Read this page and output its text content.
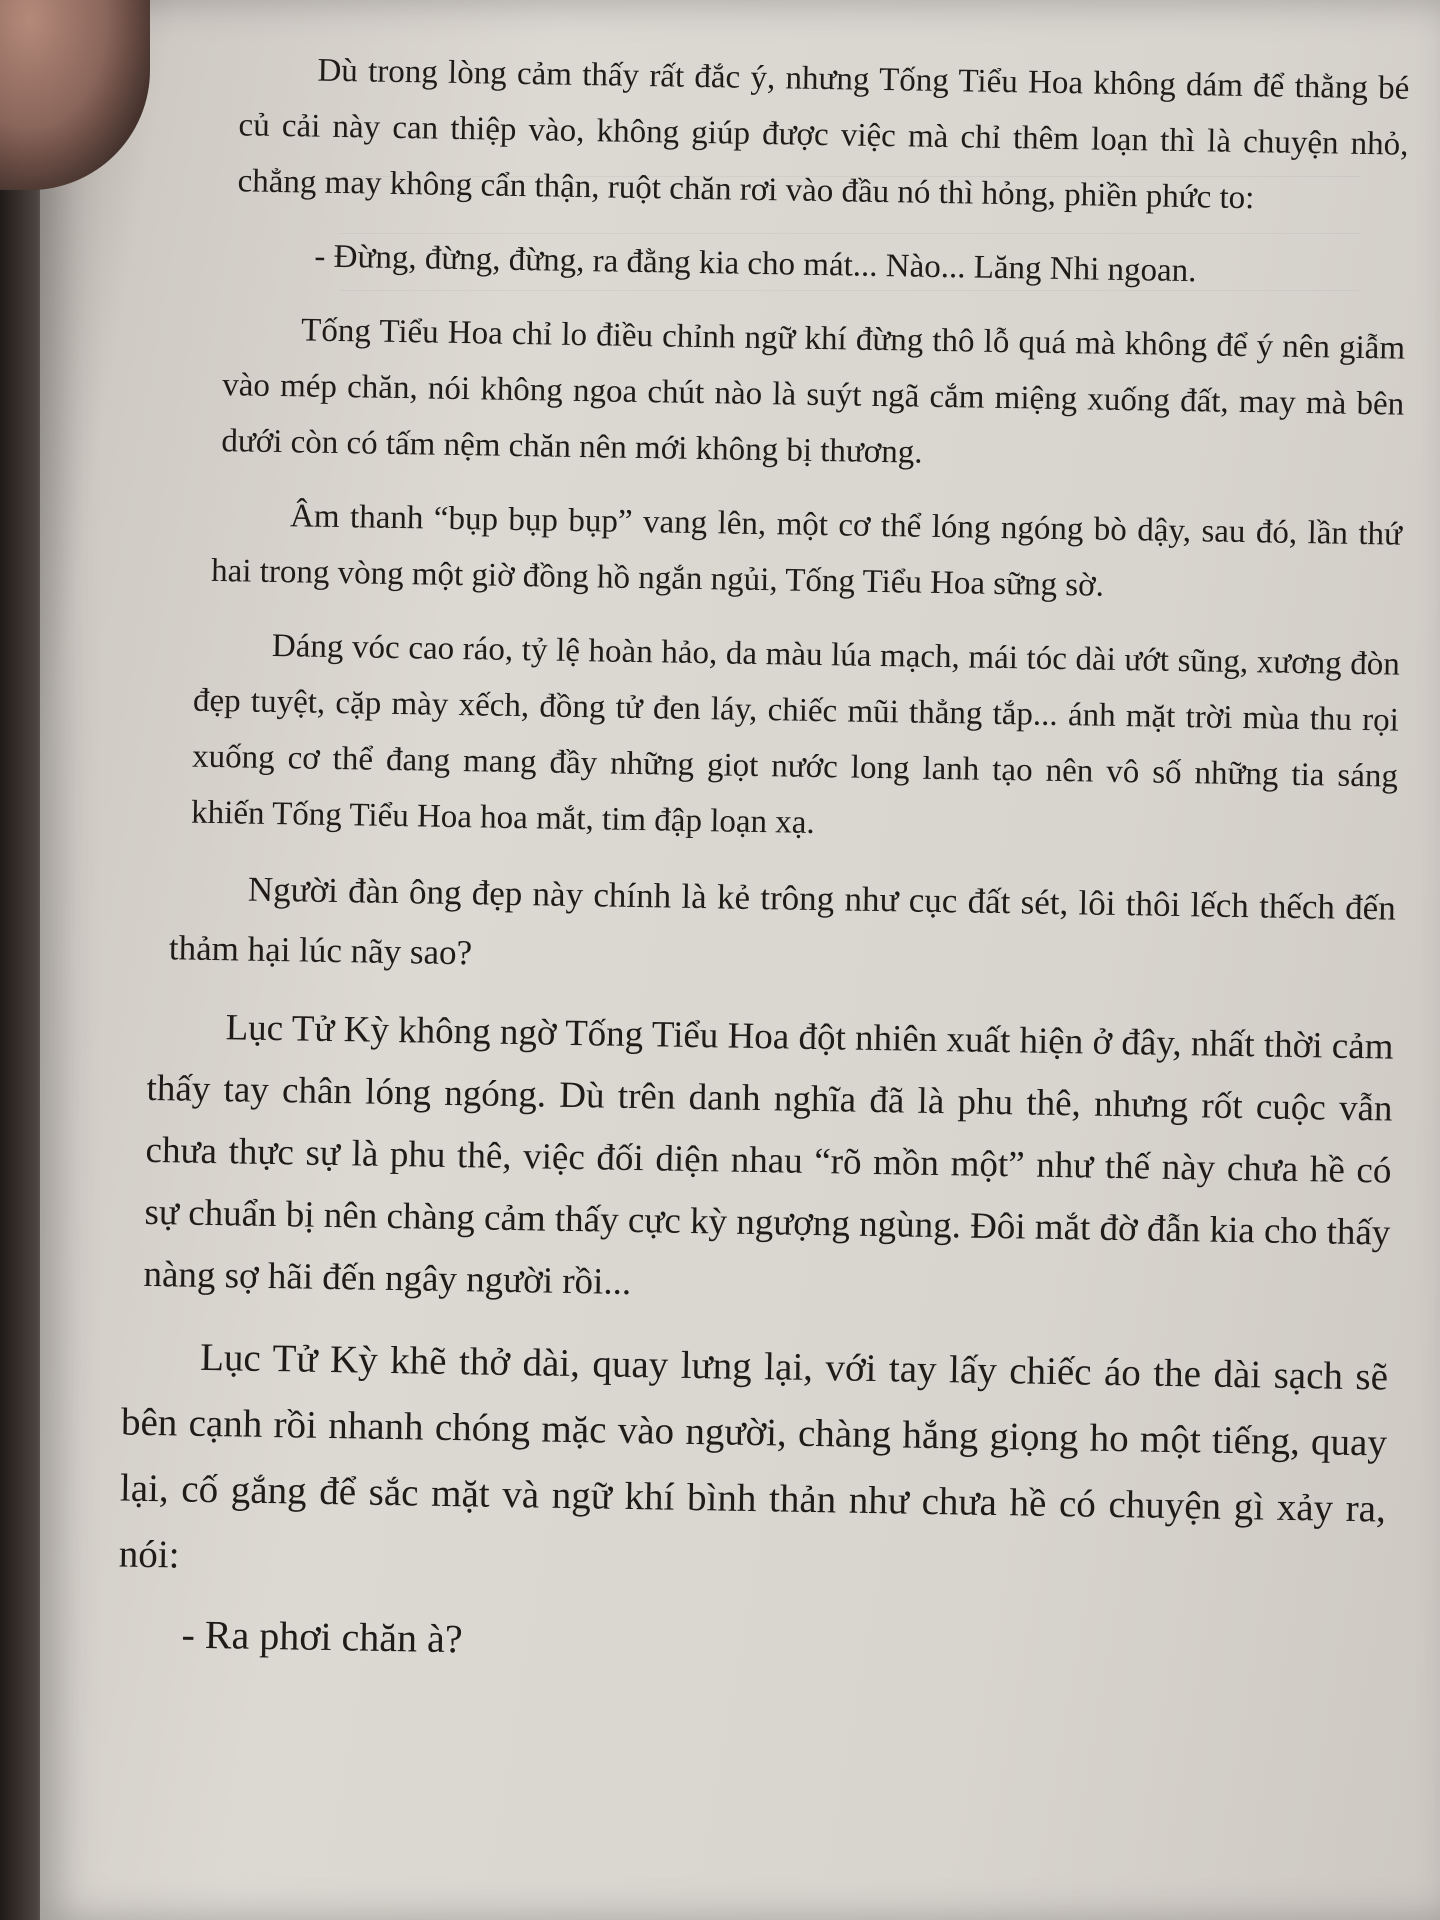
Dù trong lòng cảm thấy rất đắc ý, nhưng Tống Tiểu Hoa không dám để thằng bé củ cải này can thiệp vào, không giúp được việc mà chỉ thêm loạn thì là chuyện nhỏ, chẳng may không cẩn thận, ruột chăn rơi vào đầu nó thì hỏng, phiền phức to:

- Đừng, đừng, đừng, ra đằng kia cho mát... Nào... Lăng Nhi ngoan.

Tống Tiểu Hoa chỉ lo điều chỉnh ngữ khí đừng thô lỗ quá mà không để ý nên giẫm vào mép chăn, nói không ngoa chút nào là suýt ngã cắm miệng xuống đất, may mà bên dưới còn có tấm nệm chăn nên mới không bị thương.

Âm thanh “bụp bụp bụp” vang lên, một cơ thể lóng ngóng bò dậy, sau đó, lần thứ hai trong vòng một giờ đồng hồ ngắn ngủi, Tống Tiểu Hoa sững sờ.

Dáng vóc cao ráo, tỷ lệ hoàn hảo, da màu lúa mạch, mái tóc dài ướt sũng, xương đòn đẹp tuyệt, cặp mày xếch, đồng tử đen láy, chiếc mũi thẳng tắp... ánh mặt trời mùa thu rọi xuống cơ thể đang mang đầy những giọt nước long lanh tạo nên vô số những tia sáng khiến Tống Tiểu Hoa hoa mắt, tim đập loạn xạ.

Người đàn ông đẹp này chính là kẻ trông như cục đất sét, lôi thôi lếch thếch đến thảm hại lúc nãy sao?

Lục Tử Kỳ không ngờ Tống Tiểu Hoa đột nhiên xuất hiện ở đây, nhất thời cảm thấy tay chân lóng ngóng. Dù trên danh nghĩa đã là phu thê, nhưng rốt cuộc vẫn chưa thực sự là phu thê, việc đối diện nhau “rõ mồn một” như thế này chưa hề có sự chuẩn bị nên chàng cảm thấy cực kỳ ngượng ngùng. Đôi mắt đờ đẫn kia cho thấy nàng sợ hãi đến ngây người rồi...

Lục Tử Kỳ khẽ thở dài, quay lưng lại, với tay lấy chiếc áo the dài sạch sẽ bên cạnh rồi nhanh chóng mặc vào người, chàng hắng giọng ho một tiếng, quay lại, cố gắng để sắc mặt và ngữ khí bình thản như chưa hề có chuyện gì xảy ra, nói:

- Ra phơi chăn à?
